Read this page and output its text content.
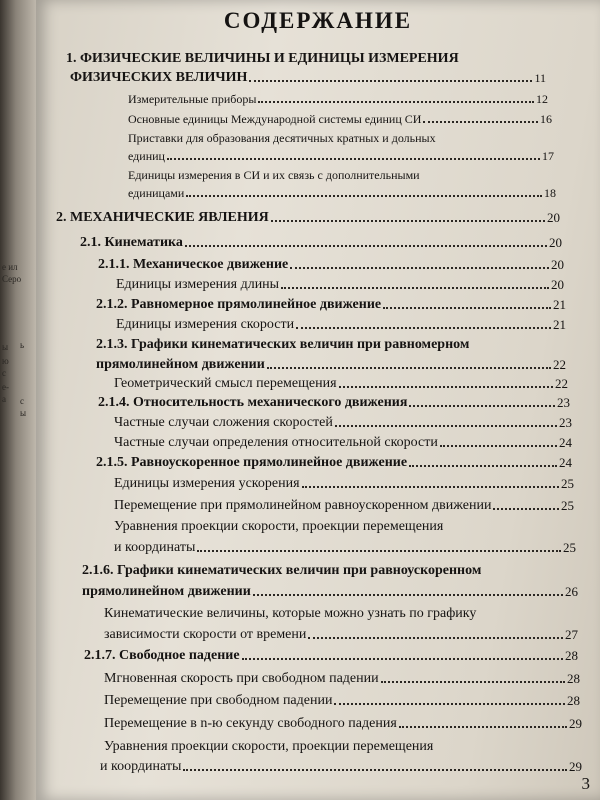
е ил
Серо
ы
ю
с
е-
а
ь
с
ы
СОДЕРЖАНИЕ
1. ФИЗИЧЕСКИЕ ВЕЛИЧИНЫ И ЕДИНИЦЫ ИЗМЕРЕНИЯ
ФИЗИЧЕСКИХ ВЕЛИЧИН	11
Измерительные приборы	12
Основные единицы Международной системы единиц СИ	16
Приставки для образования десятичных кратных и дольных
единиц	17
Единицы измерения в СИ и их связь с дополнительными
единицами	18
2. МЕХАНИЧЕСКИЕ ЯВЛЕНИЯ	20
2.1. Кинематика	20
2.1.1. Механическое движение	20
Единицы измерения длины	20
2.1.2. Равномерное прямолинейное движение	21
Единицы измерения скорости	21
2.1.3. Графики кинематических величин при равномерном
прямолинейном движении	22
Геометрический смысл перемещения	22
2.1.4. Относительность механического движения	23
Частные случаи сложения скоростей	23
Частные случаи определения относительной скорости	24
2.1.5. Равноускоренное прямолинейное движение	24
Единицы измерения ускорения	25
Перемещение при прямолинейном равноускоренном движении	25
Уравнения проекции скорости, проекции перемещения
и координаты	25
2.1.6. Графики кинематических величин при равноускоренном
прямолинейном движении	26
Кинематические величины, которые можно узнать по графику
зависимости скорости от времени	27
2.1.7. Свободное падение	28
Мгновенная скорость при свободном падении	28
Перемещение при свободном падении	28
Перемещение в n-ю секунду свободного падения	29
Уравнения проекции скорости, проекции перемещения
и координаты	29
3
